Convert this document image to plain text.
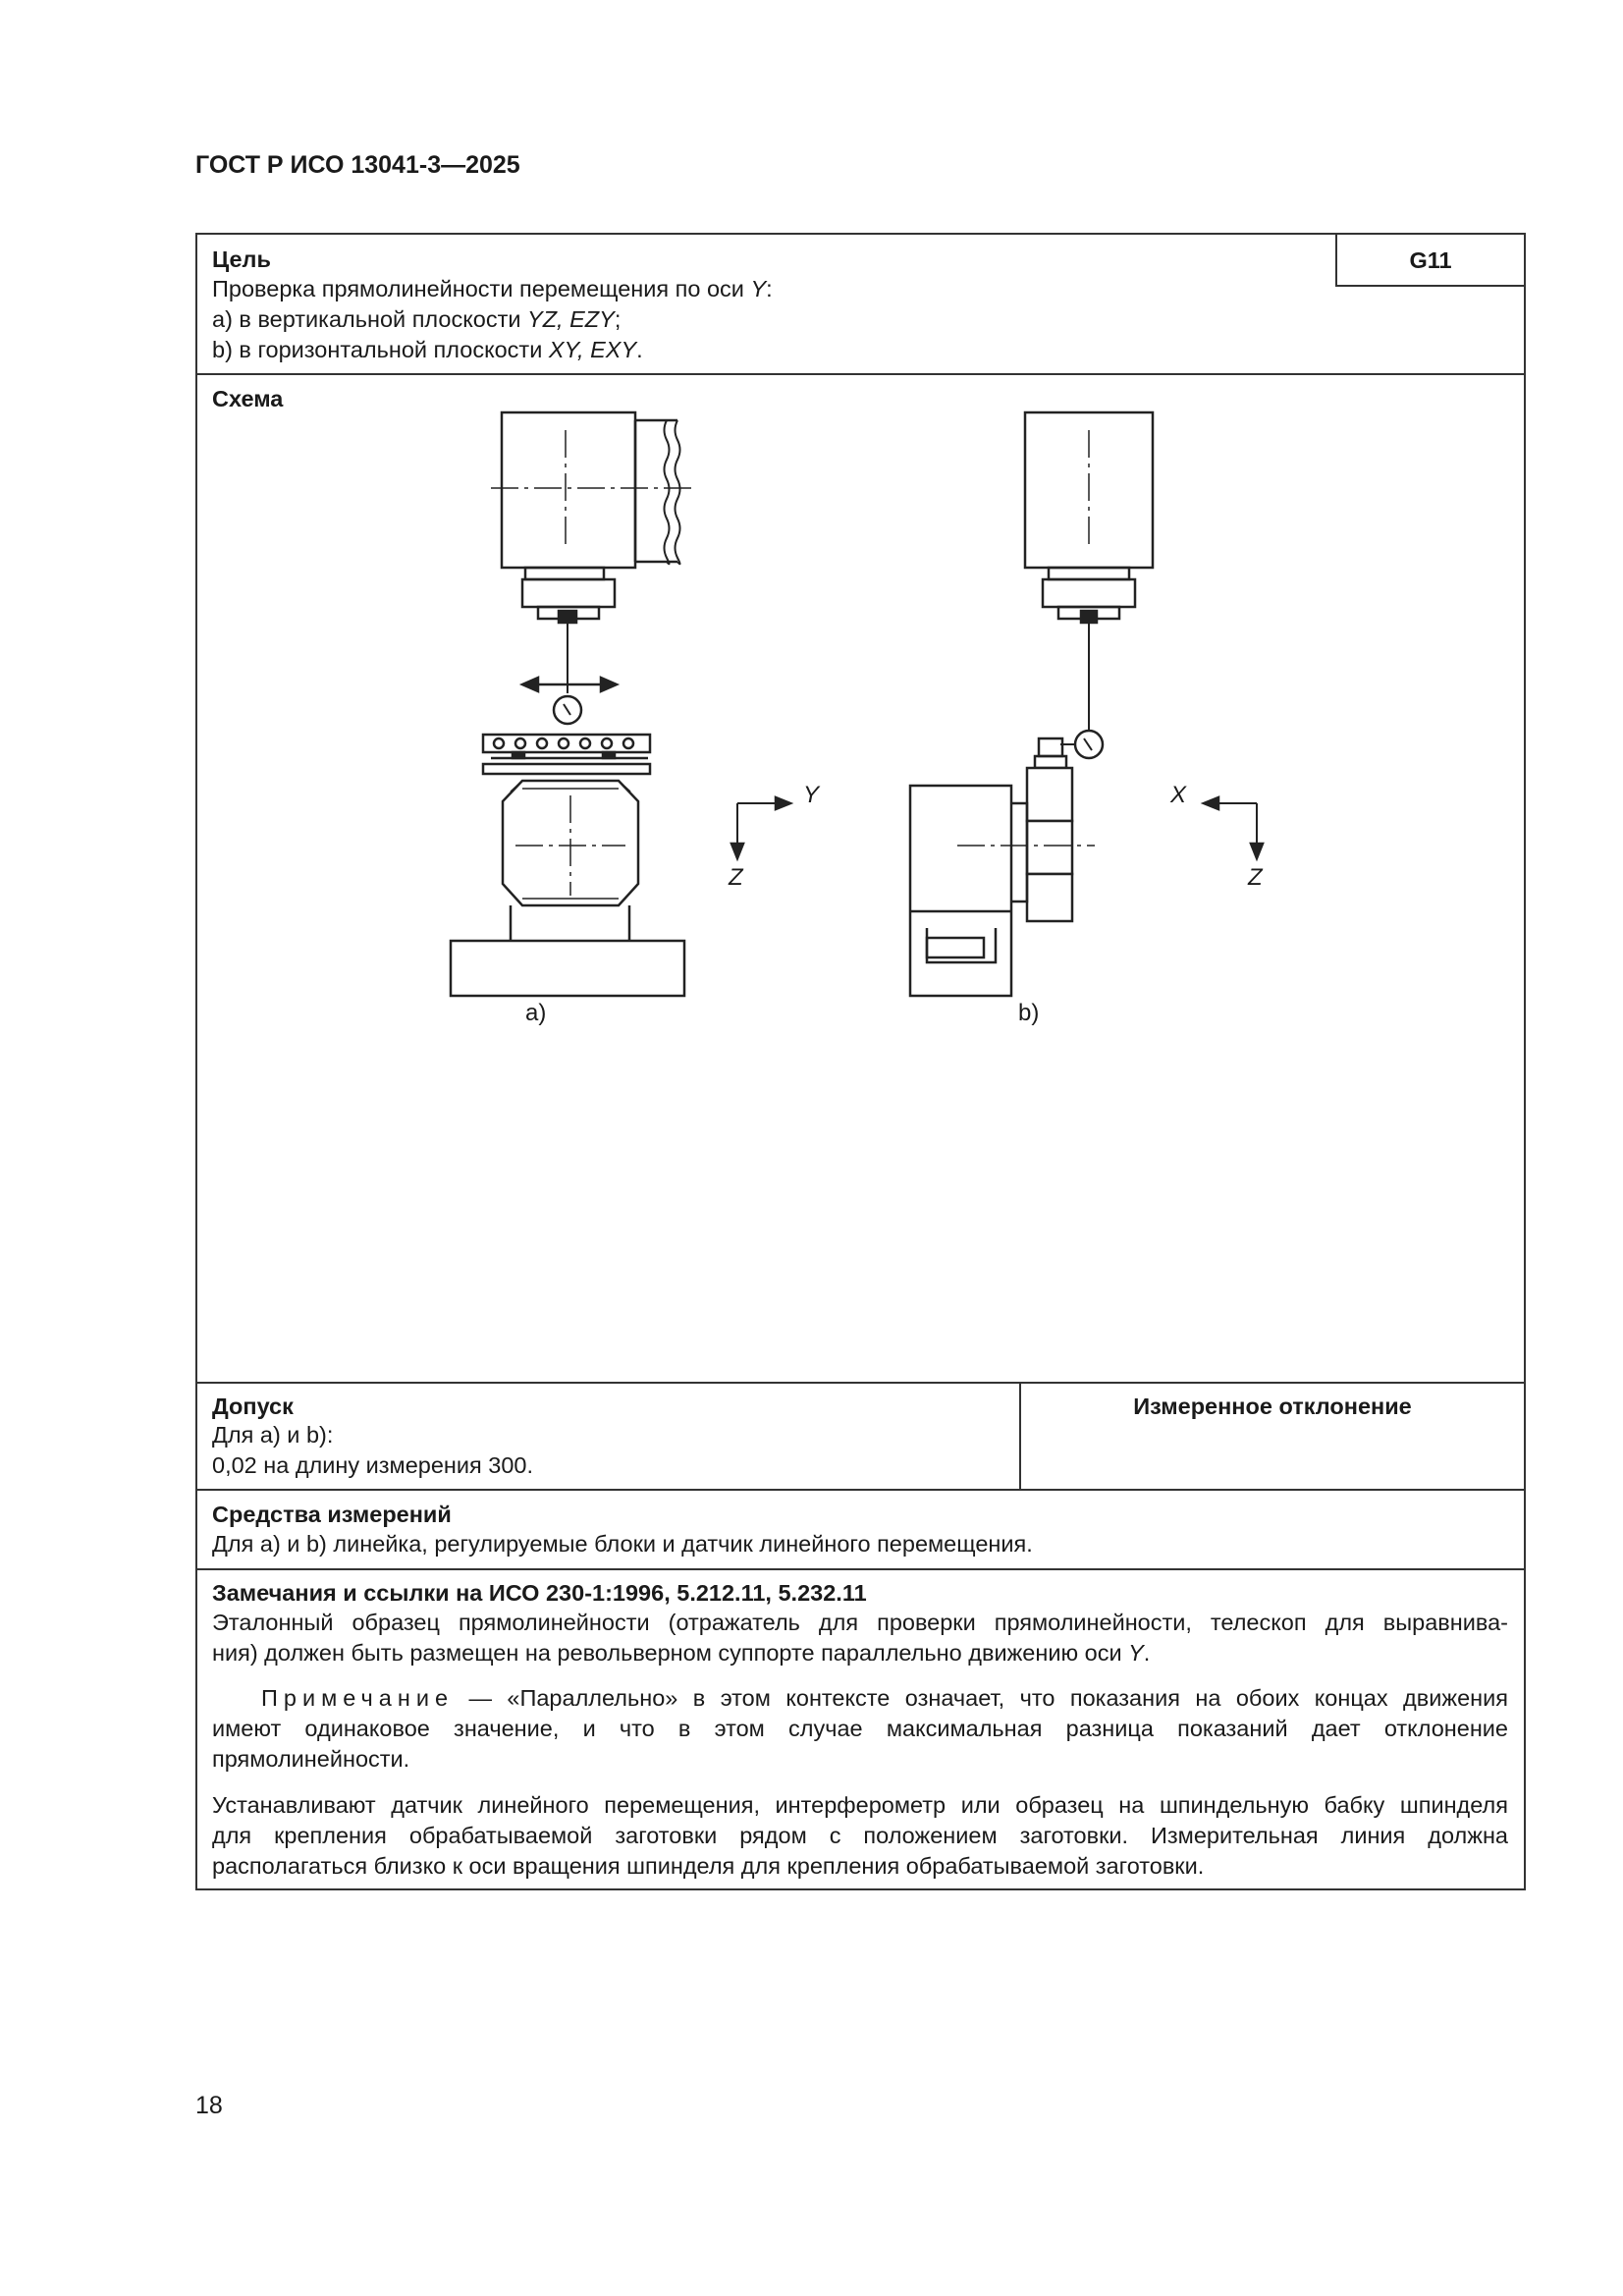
ГОСТ Р ИСО 13041-3—2025
Цель
Проверка прямолинейности перемещения по оси Y:
a) в вертикальной плоскости YZ, EZY;
b) в горизонтальной плоскости XY, EXY.
G11
Схема
Y
Z
X
Z
a)	b)
Допуск
Для a) и b):
0,02 на длину измерения 300.
Измеренное отклонение
Средства измерений
Для a) и b) линейка, регулируемые блоки и датчик линейного перемещения.
Замечания и ссылки на ИСО 230-1:1996, 5.212.11, 5.232.11
Эталонный образец прямолинейности (отражатель для проверки прямолинейности, телескоп для выравнива-
ния) должен быть размещен на револьверном суппорте параллельно движению оси Y.
Примечание — «Параллельно» в этом контексте означает, что показания на обоих концах движения
имеют одинаковое значение, и что в этом случае максимальная разница показаний дает отклонение
прямолинейности.
Устанавливают датчик линейного перемещения, интерферометр или образец на шпиндельную бабку шпинделя
для крепления обрабатываемой заготовки рядом с положением заготовки. Измерительная линия должна
располагаться близко к оси вращения шпинделя для крепления обрабатываемой заготовки.
18
